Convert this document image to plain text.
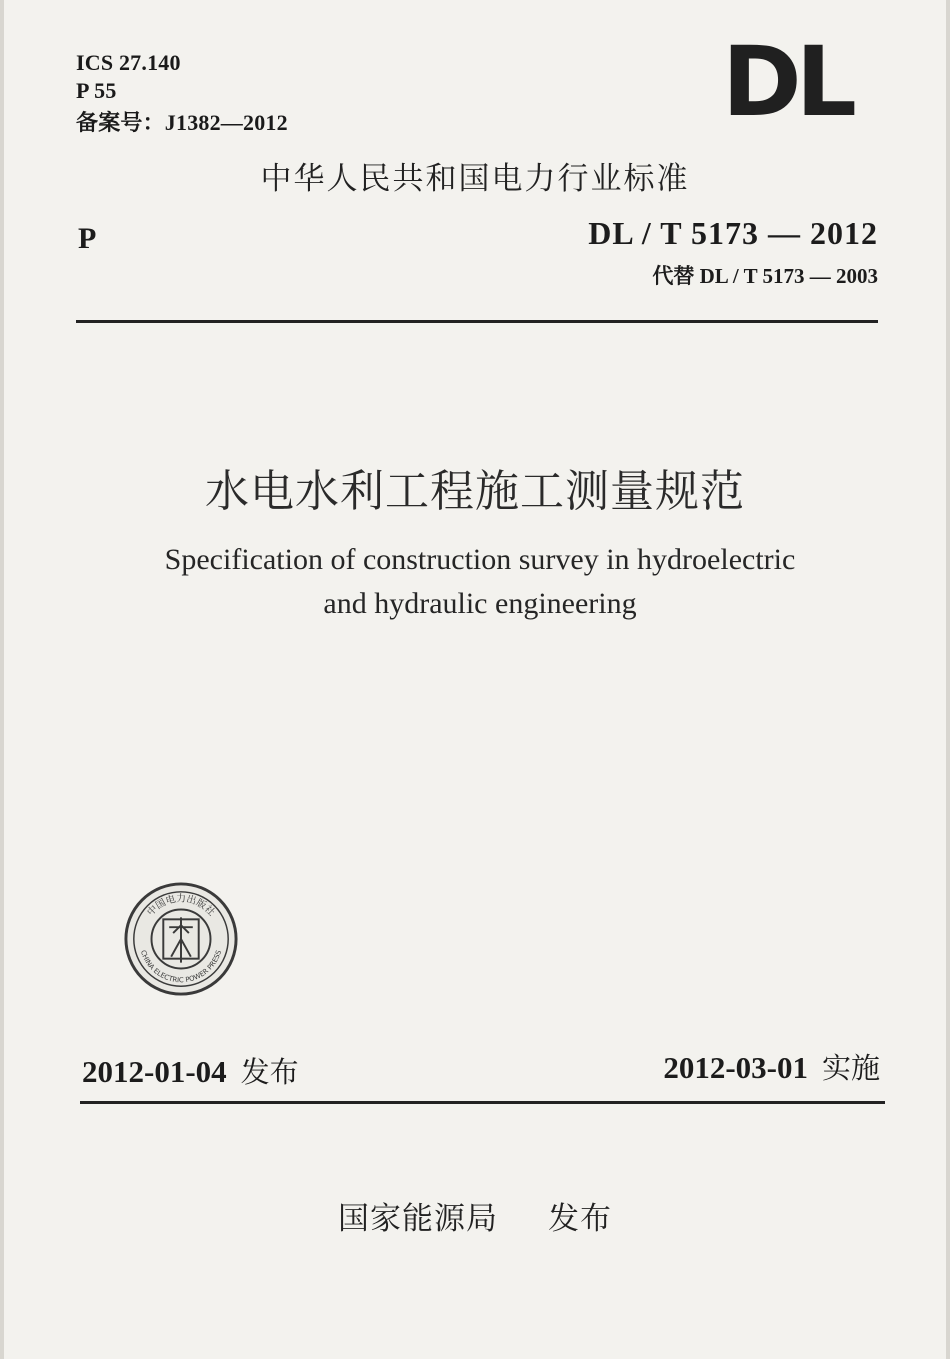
ICS 27.140
P 55
备案号：J1382—2012	DL
中华人民共和国电力行业标准
P	DL / T 5173 — 2012
代替 DL / T 5173 — 2003
水电水利工程施工测量规范
Specification of construction survey in hydroelectric
and hydraulic engineering
中国电力出版社
CHINA ELECTRIC POWER PRESS
2012-01-04 发布	2012-03-01 实施
国家能源局 发布
